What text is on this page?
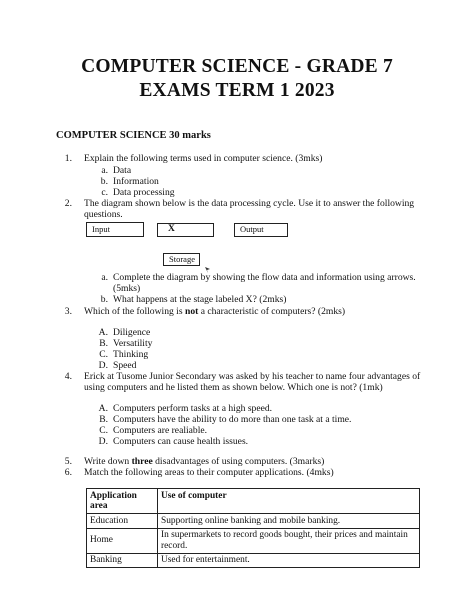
COMPUTER SCIENCE - GRADE 7
EXAMS TERM 1 2023
COMPUTER SCIENCE 30 marks
1. Explain the following terms used in computer science. (3mks)
a. Data
b. Information
c. Data processing
2. The diagram shown below is the data processing cycle. Use it to answer the following
questions.
Input	X	Output
Storage
a. Complete the diagram by showing the flow data and information using arrows.
(5mks)
b. What happens at the stage labeled X? (2mks)
3. Which of the following is not a characteristic of computers? (2mks)
A. Diligence
B. Versatility
C. Thinking
D. Speed
4. Erick at Tusome Junior Secondary was asked by his teacher to name four advantages of
using computers and he listed them as shown below. Which one is not? (1mk)
A. Computers perform tasks at a high speed.
B. Computers have the ability to do more than one task at a time.
C. Computers are realiable.
D. Computers can cause health issues.
5. Write down three disadvantages of using computers. (3marks)
6. Match the following areas to their computer applications. (4mks)
Application area	Use of computer
Education	Supporting online banking and mobile banking.
Home	In supermarkets to record goods bought, their prices and maintain record.
Banking	Used for entertainment.
